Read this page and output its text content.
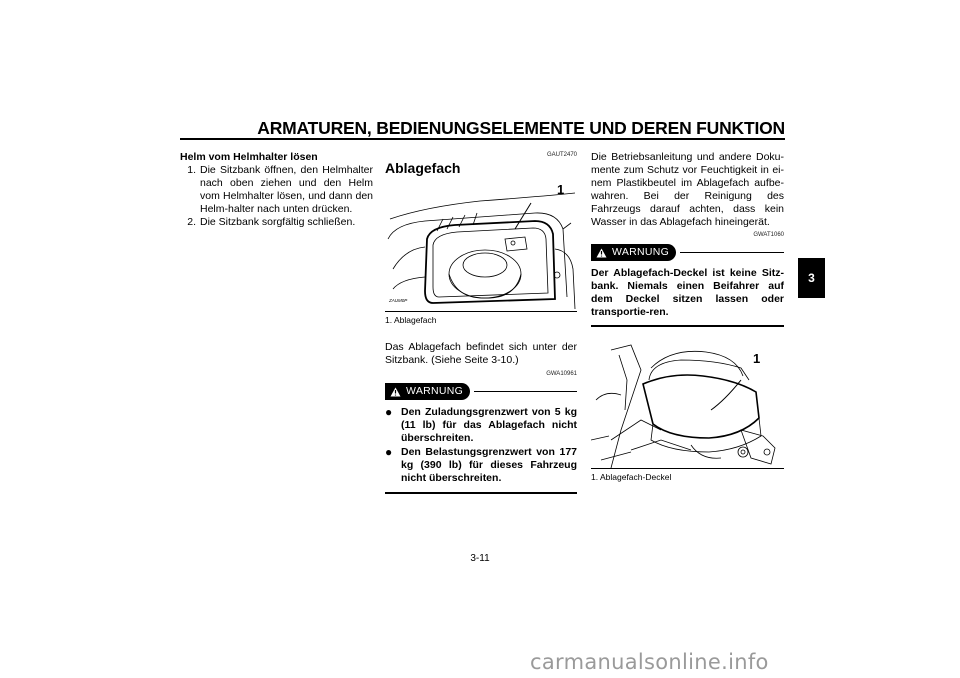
ARMATUREN, BEDIENUNGSELEMENTE UND DEREN FUNKTION
3
Helm vom Helmhalter lösen
1. Die Sitzbank öffnen, den Helmhalter nach oben ziehen und den Helm vom Helmhalter lösen, und dann den Helm-halter nach unten drücken.
2. Die Sitzbank sorgfältig schließen.
GAUT2470
Ablagefach
1
ZAUM0P
1. Ablagefach
Das Ablagefach befindet sich unter der Sitzbank. (Siehe Seite 3-10.)
GWA10961
WARNUNG
● Den Zuladungsgrenzwert von 5 kg (11 lb) für das Ablagefach nicht überschreiten.
● Den Belastungsgrenzwert von 177 kg (390 lb) für dieses Fahrzeug nicht überschreiten.
Die Betriebsanleitung und andere Doku-mente zum Schutz vor Feuchtigkeit in ei-nem Plastikbeutel im Ablagefach aufbe-wahren. Bei der Reinigung des Fahrzeugs darauf achten, dass kein Wasser in das Ablagefach hineingerät.
GWAT1060
WARNUNG
Der Ablagefach-Deckel ist keine Sitz-bank. Niemals einen Beifahrer auf dem Deckel sitzen lassen oder transportie-ren.
1
1. Ablagefach-Deckel
3-11
carmanualsonline.info
